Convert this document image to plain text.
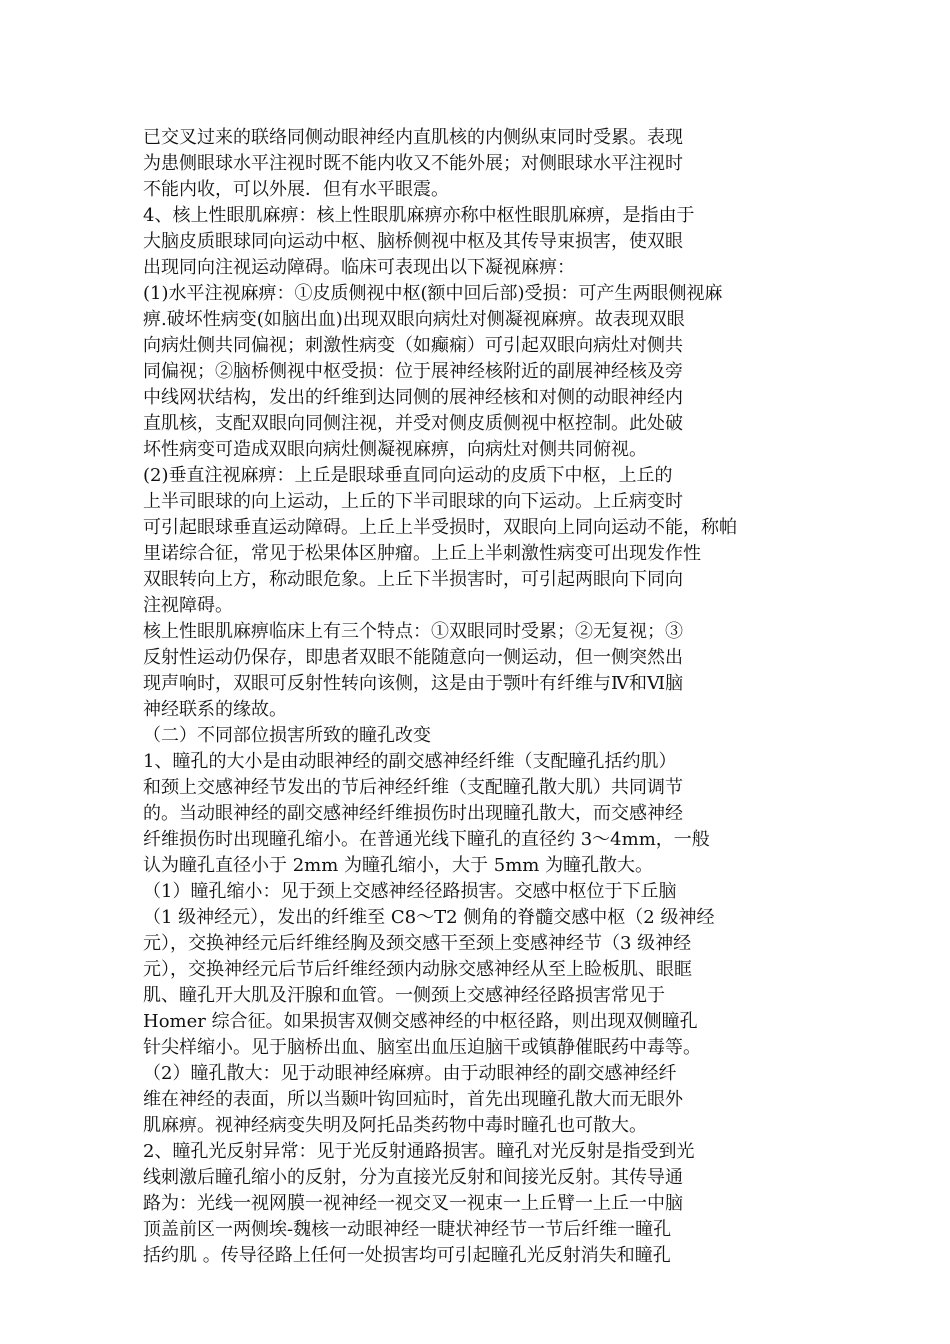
已交叉过来的联络同侧动眼神经内直肌核的内侧纵束同时受累。表现
为患侧眼球水平注视时既不能内收又不能外展；对侧眼球水平注视时
不能内收，可以外展．但有水平眼震。
4、核上性眼肌麻痹：核上性眼肌麻痹亦称中枢性眼肌麻痹，是指由于
大脑皮质眼球同向运动中枢、脑桥侧视中枢及其传导束损害，使双眼
出现同向注视运动障碍。临床可表现出以下凝视麻痹：
(1)水平注视麻痹：①皮质侧视中枢(额中回后部)受损：可产生两眼侧视麻
痹.破坏性病变(如脑出血)出现双眼向病灶对侧凝视麻痹。故表现双眼
向病灶侧共同偏视；刺激性病变（如癫痫）可引起双眼向病灶对侧共
同偏视；②脑桥侧视中枢受损：位于展神经核附近的副展神经核及旁
中线网状结构，发出的纤维到达同侧的展神经核和对侧的动眼神经内
直肌核，支配双眼向同侧注视，并受对侧皮质侧视中枢控制。此处破
坏性病变可造成双眼向病灶侧凝视麻痹，向病灶对侧共同俯视。
(2)垂直注视麻痹：上丘是眼球垂直同向运动的皮质下中枢，上丘的
上半司眼球的向上运动，上丘的下半司眼球的向下运动。上丘病变时
可引起眼球垂直运动障碍。上丘上半受损时，双眼向上同向运动不能，称帕
里诺综合征，常见于松果体区肿瘤。上丘上半刺激性病变可出现发作性
双眼转向上方，称动眼危象。上丘下半损害时，可引起两眼向下同向
注视障碍。
核上性眼肌麻痹临床上有三个特点：①双眼同时受累；②无复视；③
反射性运动仍保存，即患者双眼不能随意向一侧运动，但一侧突然出
现声响时，双眼可反射性转向该侧，这是由于颚叶有纤维与Ⅳ和Ⅵ脑
神经联系的缘故。
（二）不同部位损害所致的瞳孔改变
1、瞳孔的大小是由动眼神经的副交感神经纤维（支配瞳孔括约肌）
和颈上交感神经节发出的节后神经纤维（支配瞳孔散大肌）共同调节
的。当动眼神经的副交感神经纤维损伤时出现瞳孔散大，而交感神经
纤维损伤时出现瞳孔缩小。在普通光线下瞳孔的直径约 3～4mm，一般
认为瞳孔直径小于 2mm 为瞳孔缩小，大于 5mm 为瞳孔散大。
（1）瞳孔缩小：见于颈上交感神经径路损害。交感中枢位于下丘脑
（1 级神经元），发出的纤维至 C8～T2 侧角的脊髓交感中枢（2 级神经
元），交换神经元后纤维经胸及颈交感干至颈上变感神经节（3 级神经
元），交换神经元后节后纤维经颈内动脉交感神经从至上睑板肌、眼眶
肌、瞳孔开大肌及汗腺和血管。一侧颈上交感神经径路损害常见于
Homer 综合征。如果损害双侧交感神经的中枢径路，则出现双侧瞳孔
针尖样缩小。见于脑桥出血、脑室出血压迫脑干或镇静催眠药中毒等。
（2）瞳孔散大：见于动眼神经麻痹。由于动眼神经的副交感神经纤
维在神经的表面，所以当颞叶钩回疝时，首先出现瞳孔散大而无眼外
肌麻痹。视神经病变失明及阿托品类药物中毒时瞳孔也可散大。
2、瞳孔光反射异常：见于光反射通路损害。瞳孔对光反射是指受到光
线刺激后瞳孔缩小的反射，分为直接光反射和间接光反射。其传导通
路为：光线一视网膜一视神经一视交叉一视束一上丘臂一上丘一中脑
顶盖前区一两侧埃-魏核一动眼神经一睫状神经节一节后纤维一瞳孔
括约肌 。传导径路上任何一处损害均可引起瞳孔光反射消失和瞳孔
